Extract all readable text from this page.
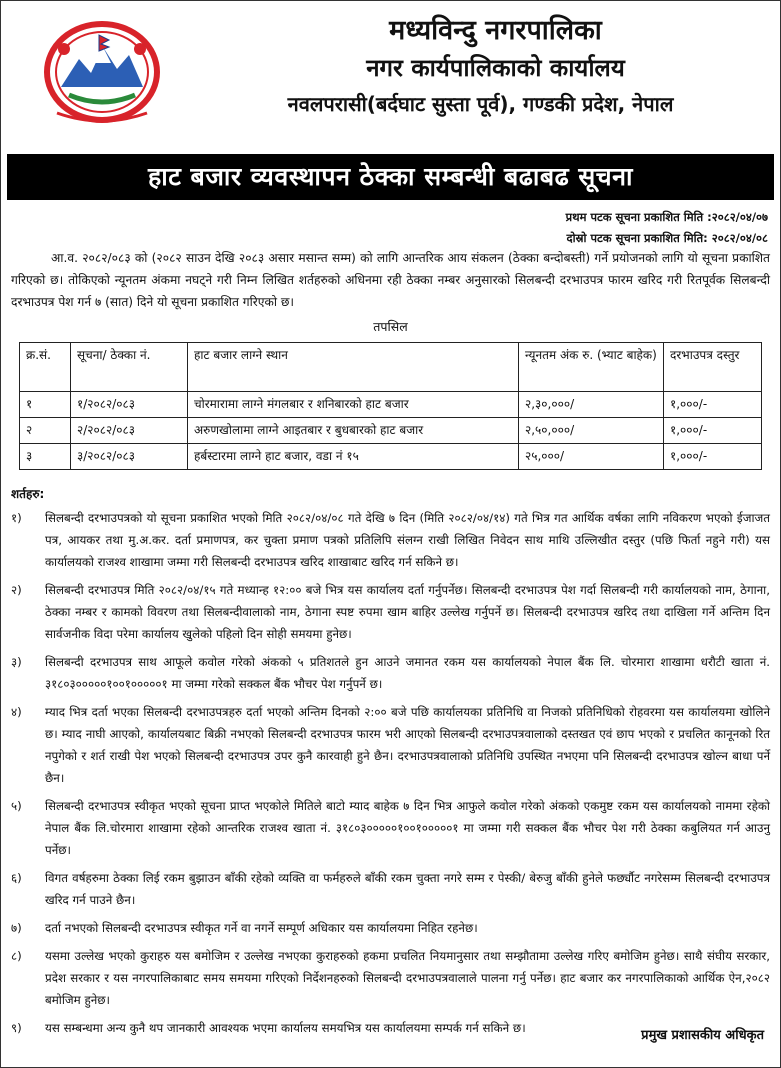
मध्यविन्दु नगरपालिका
नगर कार्यपालिकाको कार्यालय
नवलपरासी(बर्दघाट सुस्ता पूर्व), गण्डकी प्रदेश, नेपाल
हाट बजार व्यवस्थापन ठेक्का सम्बन्धी बढाबढ सूचना
प्रथम पटक सूचना प्रकाशित मिति :२०८२/०४/०७
दोस्रो पटक सूचना प्रकाशित मिति: २०८२/०४/०८
आ.व. २०८२/०८३ को (२०८२ साउन देखि २०८३ असार मसान्त सम्म) को लागि आन्तरिक आय संकलन (ठेक्का बन्दोबस्ती) गर्ने प्रयोजनको लागि यो सूचना प्रकाशित गरिएको छ। तोकिएको न्यूनतम अंकमा नघट्ने गरी निम्न लिखित शर्तहरुको अधिनमा रही ठेक्का नम्बर अनुसारको सिलबन्दी दरभाउपत्र फारम खरिद गरी रितपूर्वक सिलबन्दी दरभाउपत्र पेश गर्न ७ (सात) दिने यो सूचना प्रकाशित गरिएको छ।
तपसिल
क्र.सं.	सूचना/ ठेक्का नं.	हाट बजार लाग्ने स्थान	न्यूनतम अंक रु. (भ्याट बाहेक)	दरभाउपत्र दस्तुर
१	१/२०८२/०८३	चोरमारामा लाग्ने मंगलबार र शनिबारको हाट बजार	२,३०,०००/	१,०००/-
२	२/२०८२/०८३	अरुणखोलामा लाग्ने आइतबार र बुधबारको हाट बजार	२,५०,०००/	१,०००/-
३	३/२०८२/०८३	हर्बस्टारमा लाग्ने हाट बजार, वडा नं १५	२५,०००/	१,०००/-
शर्तहरु:
१)	सिलबन्दी दरभाउपत्रको यो सूचना प्रकाशित भएको मिति २०८२/०४/०८ गते देखि ७ दिन (मिति २०८२/०४/१४) गते भित्र गत आर्थिक वर्षका लागि नविकरण भएको ईजाजत पत्र, आयकर तथा मु.अ.कर. दर्ता प्रमाणपत्र, कर चुक्ता प्रमाण पत्रको प्रतिलिपि संलग्न राखी लिखित निवेदन साथ माथि उल्लिखीत दस्तुर (पछि फिर्ता नहुने गरी) यस कार्यालयको राजश्व शाखामा जम्मा गरी सिलबन्दी दरभाउपत्र खरिद शाखाबाट खरिद गर्न सकिने छ।
२)	सिलबन्दी दरभाउपत्र मिति २०८२/०४/१५ गते मध्यान्ह १२:०० बजे भित्र यस कार्यालय दर्ता गर्नुपर्नेछ। सिलबन्दी दरभाउपत्र पेश गर्दा सिलबन्दी गरी कार्यालयको नाम, ठेगाना, ठेक्का नम्बर र कामको विवरण तथा सिलबन्दीवालाको नाम, ठेगाना स्पष्ट रुपमा खाम बाहिर उल्लेख गर्नुपर्ने छ। सिलबन्दी दरभाउपत्र खरिद तथा दाखिला गर्ने अन्तिम दिन सार्वजनीक विदा परेमा कार्यालय खुलेको पहिलो दिन सोही समयमा हुनेछ।
३)	सिलबन्दी दरभाउपत्र साथ आफूले कवोल गरेको अंकको ५ प्रतिशतले हुन आउने जमानत रकम यस कार्यालयको नेपाल बैंक लि. चोरमारा शाखामा धरौटी खाता नं. ३१८०३०००००१००१०००००१ मा जम्मा गरेको सक्कल बैंक भौचर पेश गर्नुपर्ने छ।
४)	म्याद भित्र दर्ता भएका सिलबन्दी दरभाउपत्रहरु दर्ता भएको अन्तिम दिनको २:०० बजे पछि कार्यालयका प्रतिनिधि वा निजको प्रतिनिधिको रोहवरमा यस कार्यालयमा खोलिने छ। म्याद नाघी आएको, कार्यालयबाट बिक्री नभएको सिलबन्दी दरभाउपत्र फारम भरी आएको सिलबन्दी दरभाउपत्रवालाको दस्तखत एवं छाप भएको र प्रचलित कानूनको रित नपुगेको र शर्त राखी पेश भएको सिलबन्दी दरभाउपत्र उपर कुनै कारवाही हुने छैन। दरभाउपत्रवालाको प्रतिनिधि उपस्थित नभएमा पनि सिलबन्दी दरभाउपत्र खोल्न बाधा पर्ने छैन।
५)	सिलबन्दी दरभाउपत्र स्वीकृत भएको सूचना प्राप्त भएकोले मितिले बाटो म्याद बाहेक ७ दिन भित्र आफुले कवोल गरेको अंकको एकमुष्ट रकम यस कार्यालयको नाममा रहेको नेपाल बैंक लि.चोरमारा शाखामा रहेको आन्तरिक राजश्व खाता नं. ३१८०३०००००१००१०००००१ मा जम्मा गरी सक्कल बैंक भौचर पेश गरी ठेक्का कबुलियत गर्न आउनु पर्नेछ।
६)	विगत वर्षहरुमा ठेक्का लिई रकम बुझाउन बाँकी रहेको व्यक्ति वा फर्महरुले बाँकी रकम चुक्ता नगरे सम्म र पेस्की/ बेरुजु बाँकी हुनेले फर्छ्यौट नगरेसम्म सिलबन्दी दरभाउपत्र खरिद गर्न पाउने छैन।
७)	दर्ता नभएको सिलबन्दी दरभाउपत्र स्वीकृत गर्ने वा नगर्ने सम्पूर्ण अधिकार यस कार्यालयमा निहित रहनेछ।
८)	यसमा उल्लेख भएको कुराहरु यस बमोजिम र उल्लेख नभएका कुराहरुको हकमा प्रचलित नियमानुसार तथा सम्झौतामा उल्लेख गरिए बमोजिम हुनेछ। साथै संघीय सरकार, प्रदेश सरकार र यस नगरपालिकाबाट समय समयमा गरिएको निर्देशनहरुको सिलबन्दी दरभाउपत्रवालाले पालना गर्नु पर्नेछ। हाट बजार कर नगरपालिकाको आर्थिक ऐन,२०८२ बमोजिम हुनेछ।
९)	यस सम्बन्धमा अन्य कुनै थप जानकारी आवश्यक भएमा कार्यालय समयभित्र यस कार्यालयमा सम्पर्क गर्न सकिने छ।	प्रमुख प्रशासकीय अधिकृत
